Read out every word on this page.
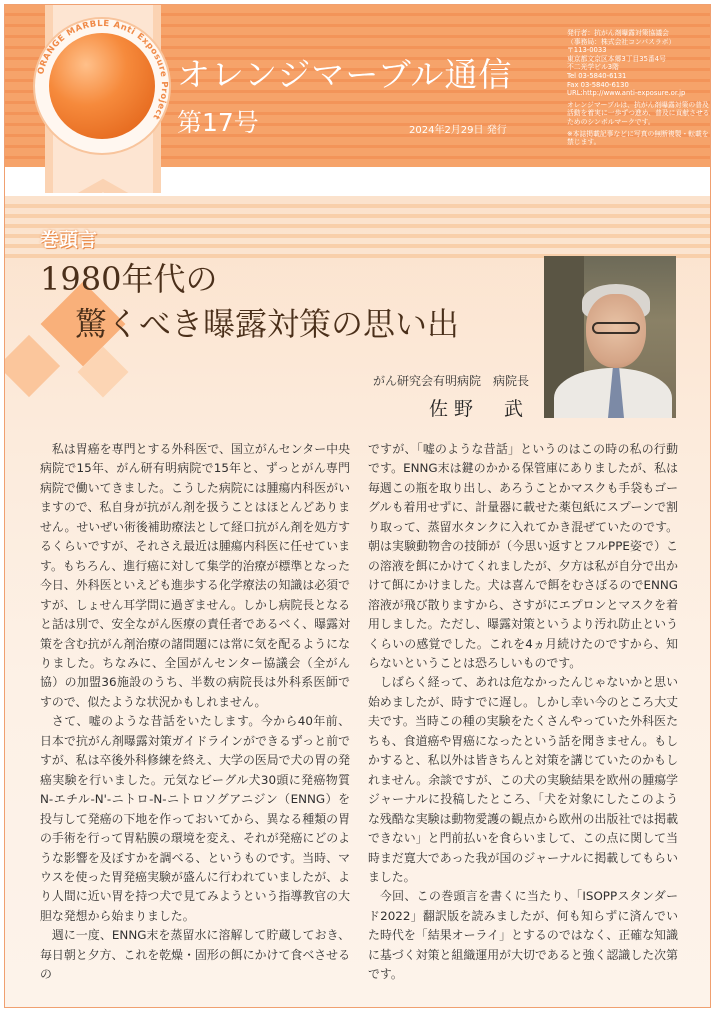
ORANGE MARBLE Anti Exposure Project
オレンジマーブル通信
第17号	2024年2月29日 発行
発行者：抗がん剤曝露対策協議会
（事務局：株式会社コンパスラボ）
〒113-0033
東京都文京区本郷3丁目35番4号
不二光学ビル3階
Tel 03-5840-6131
Fax 03-5840-6130
URL:http://www.anti-exposure.or.jp
オレンジマーブルは、抗がん剤曝露対策の普及活動を着実に一歩ずつ進め、普及に貢献させるためのシンボルマークです。
※本誌掲載記事などに写真の無断複製・転載を禁じます。
巻頭言
1980年代の
驚くべき曝露対策の思い出
がん研究会有明病院　病院長
佐野　武

私は胃癌を専門とする外科医で、国立がんセンター中央病院で15年、がん研有明病院で15年と、ずっとがん専門病院で働いてきました。こうした病院には腫瘍内科医がいますので、私自身が抗がん剤を扱うことはほとんどありません。せいぜい術後補助療法として経口抗がん剤を処方するくらいですが、それさえ最近は腫瘍内科医に任せています。もちろん、進行癌に対して集学的治療が標準となった今日、外科医といえども進歩する化学療法の知識は必須ですが、しょせん耳学問に過ぎません。しかし病院長となると話は別で、安全ながん医療の責任者であるべく、曝露対策を含む抗がん剤治療の諸問題には常に気を配るようになりました。ちなみに、全国がんセンター協議会（全がん協）の加盟36施設のうち、半数の病院長は外科系医師ですので、似たような状況かもしれません。

さて、嘘のような昔話をいたします。今から40年前、日本で抗がん剤曝露対策ガイドラインができるずっと前ですが、私は卒後外科修練を終え、大学の医局で犬の胃の発癌実験を行いました。元気なビーグル犬30頭に発癌物質N-エチル-N'-ニトロ-N-ニトロソグアニジン（ENNG）を投与して発癌の下地を作っておいてから、異なる種類の胃の手術を行って胃粘膜の環境を変え、それが発癌にどのような影響を及ぼすかを調べる、というものです。当時、マウスを使った胃発癌実験が盛んに行われていましたが、より人間に近い胃を持つ犬で見てみようという指導教官の大胆な発想から始まりました。

週に一度、ENNG末を蒸留水に溶解して貯蔵しておき、毎日朝と夕方、これを乾燥・固形の餌にかけて食べさせるの

ですが、「嘘のような昔話」というのはこの時の私の行動です。ENNG末は鍵のかかる保管庫にありましたが、私は毎週この瓶を取り出し、あろうことかマスクも手袋もゴーグルも着用せずに、計量器に載せた薬包紙にスプーンで割り取って、蒸留水タンクに入れてかき混ぜていたのです。朝は実験動物舎の技師が（今思い返すとフルPPE姿で）この溶液を餌にかけてくれましたが、夕方は私が自分で出かけて餌にかけました。犬は喜んで餌をむさぼるのでENNG溶液が飛び散りますから、さすがにエプロンとマスクを着用しました。ただし、曝露対策というより汚れ防止というくらいの感覚でした。これを4ヵ月続けたのですから、知らないということは恐ろしいものです。

しばらく経って、あれは危なかったんじゃないかと思い始めましたが、時すでに遅し。しかし幸い今のところ大丈夫です。当時この種の実験をたくさんやっていた外科医たちも、食道癌や胃癌になったという話を聞きません。もしかすると、私以外は皆きちんと対策を講じていたのかもしれません。余談ですが、この犬の実験結果を欧州の腫瘍学ジャーナルに投稿したところ、「犬を対象にしたこのような残酷な実験は動物愛護の観点から欧州の出版社では掲載できない」と門前払いを食らいまして、この点に関して当時まだ寛大であった我が国のジャーナルに掲載してもらいました。

今回、この巻頭言を書くに当たり、「ISOPPスタンダード2022」翻訳版を読みましたが、何も知らずに済んでいた時代を「結果オーライ」とするのではなく、正確な知識に基づく対策と組織運用が大切であると強く認識した次第です。
